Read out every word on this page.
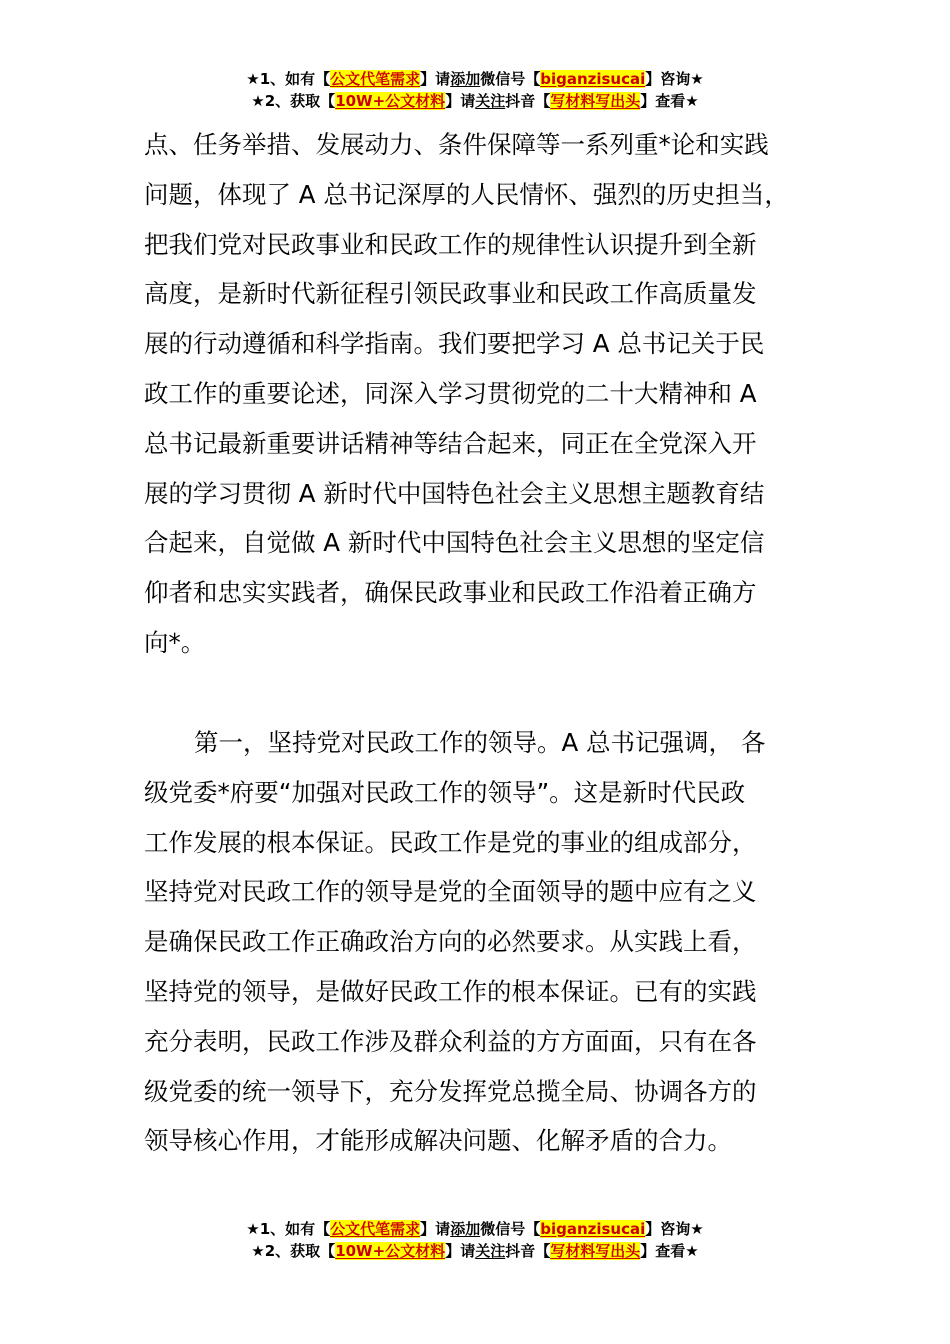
★1、如有【公文代笔需求】请添加微信号【biganzisucai】咨询★
★2、获取【10W+公文材料】请关注抖音【写材料写出头】查看★
点、任务举措、发展动力、条件保障等一系列重*论和实践
问题，体现了 A 总书记深厚的人民情怀、强烈的历史担当，
把我们党对民政事业和民政工作的规律性认识提升到全新
高度，是新时代新征程引领民政事业和民政工作高质量发
展的行动遵循和科学指南。我们要把学习 A 总书记关于民
政工作的重要论述，同深入学习贯彻党的二十大精神和 A
总书记最新重要讲话精神等结合起来，同正在全党深入开
展的学习贯彻 A 新时代中国特色社会主义思想主题教育结
合起来，自觉做 A 新时代中国特色社会主义思想的坚定信
仰者和忠实实践者，确保民政事业和民政工作沿着正确方
向*。
第一，坚持党对民政工作的领导。A 总书记强调， 各
级党委*府要“加强对民政工作的领导”。这是新时代民政
工作发展的根本保证。民政工作是党的事业的组成部分，
坚持党对民政工作的领导是党的全面领导的题中应有之义
是确保民政工作正确政治方向的必然要求。从实践上看，
坚持党的领导，是做好民政工作的根本保证。已有的实践
充分表明，民政工作涉及群众利益的方方面面，只有在各
级党委的统一领导下，充分发挥党总揽全局、协调各方的
领导核心作用，才能形成解决问题、化解矛盾的合力。
★1、如有【公文代笔需求】请添加微信号【biganzisucai】咨询★
★2、获取【10W+公文材料】请关注抖音【写材料写出头】查看★
